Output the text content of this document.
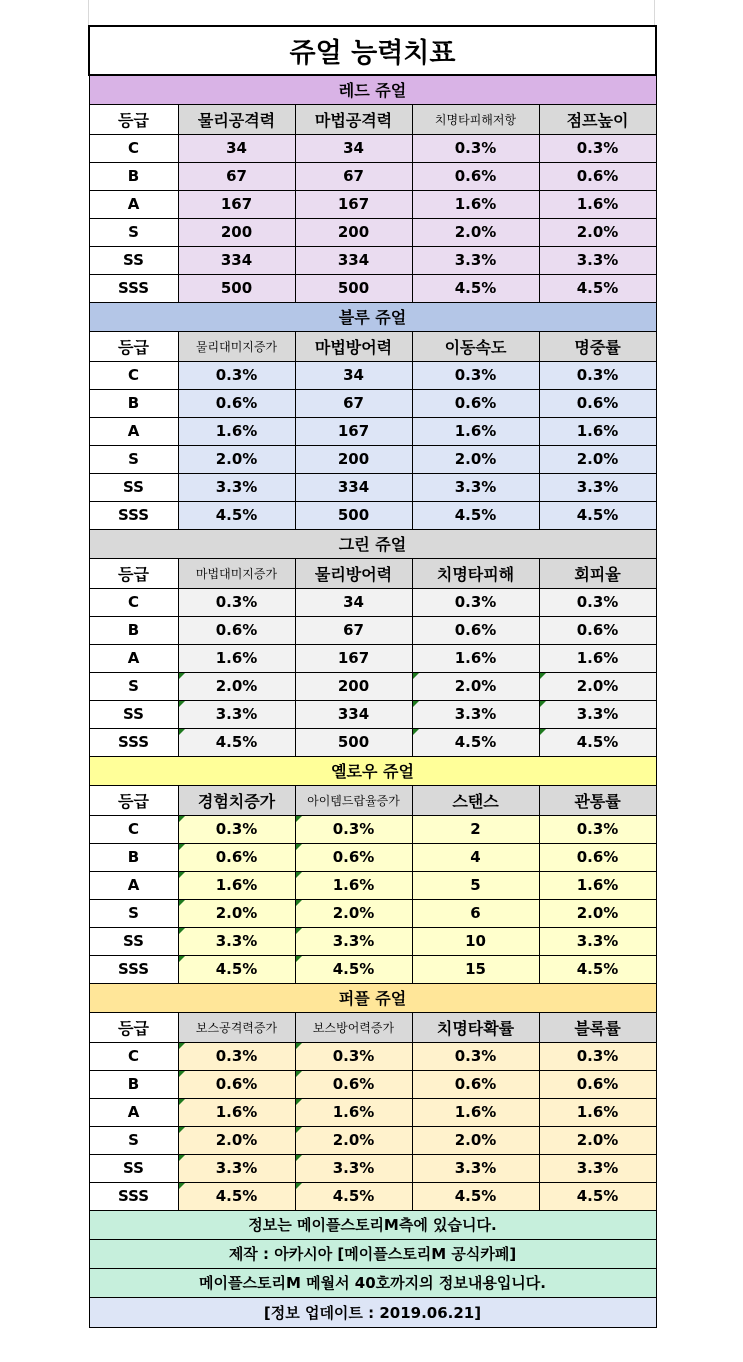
쥬얼 능력치표				
레드 쥬얼				
등급	물리공격력	마법공격력	치명타피해저항	점프높이
C	34	34	0.3%	0.3%
B	67	67	0.6%	0.6%
A	167	167	1.6%	1.6%
S	200	200	2.0%	2.0%
SS	334	334	3.3%	3.3%
SSS	500	500	4.5%	4.5%
블루 쥬얼				
등급	물리대미지증가	마법방어력	이동속도	명중률
C	0.3%	34	0.3%	0.3%
B	0.6%	67	0.6%	0.6%
A	1.6%	167	1.6%	1.6%
S	2.0%	200	2.0%	2.0%
SS	3.3%	334	3.3%	3.3%
SSS	4.5%	500	4.5%	4.5%
그린 쥬얼				
등급	마법대미지증가	물리방어력	치명타피해	회피율
C	0.3%	34	0.3%	0.3%
B	0.6%	67	0.6%	0.6%
A	1.6%	167	1.6%	1.6%
S	2.0%	200	2.0%	2.0%
SS	3.3%	334	3.3%	3.3%
SSS	4.5%	500	4.5%	4.5%
옐로우 쥬얼				
등급	경험치증가	아이템드랍율증가	스탠스	관통률
C	0.3%	0.3%	2	0.3%
B	0.6%	0.6%	4	0.6%
A	1.6%	1.6%	5	1.6%
S	2.0%	2.0%	6	2.0%
SS	3.3%	3.3%	10	3.3%
SSS	4.5%	4.5%	15	4.5%
퍼플 쥬얼				
등급	보스공격력증가	보스방어력증가	치명타확률	블록률
C	0.3%	0.3%	0.3%	0.3%
B	0.6%	0.6%	0.6%	0.6%
A	1.6%	1.6%	1.6%	1.6%
S	2.0%	2.0%	2.0%	2.0%
SS	3.3%	3.3%	3.3%	3.3%
SSS	4.5%	4.5%	4.5%	4.5%
정보는 메이플스토리M측에 있습니다.				
제작 : 아카시아 [메이플스토리M 공식카페]				
메이플스토리M 메월서 40호까지의 정보내용입니다.				
[정보 업데이트 : 2019.06.21]				
